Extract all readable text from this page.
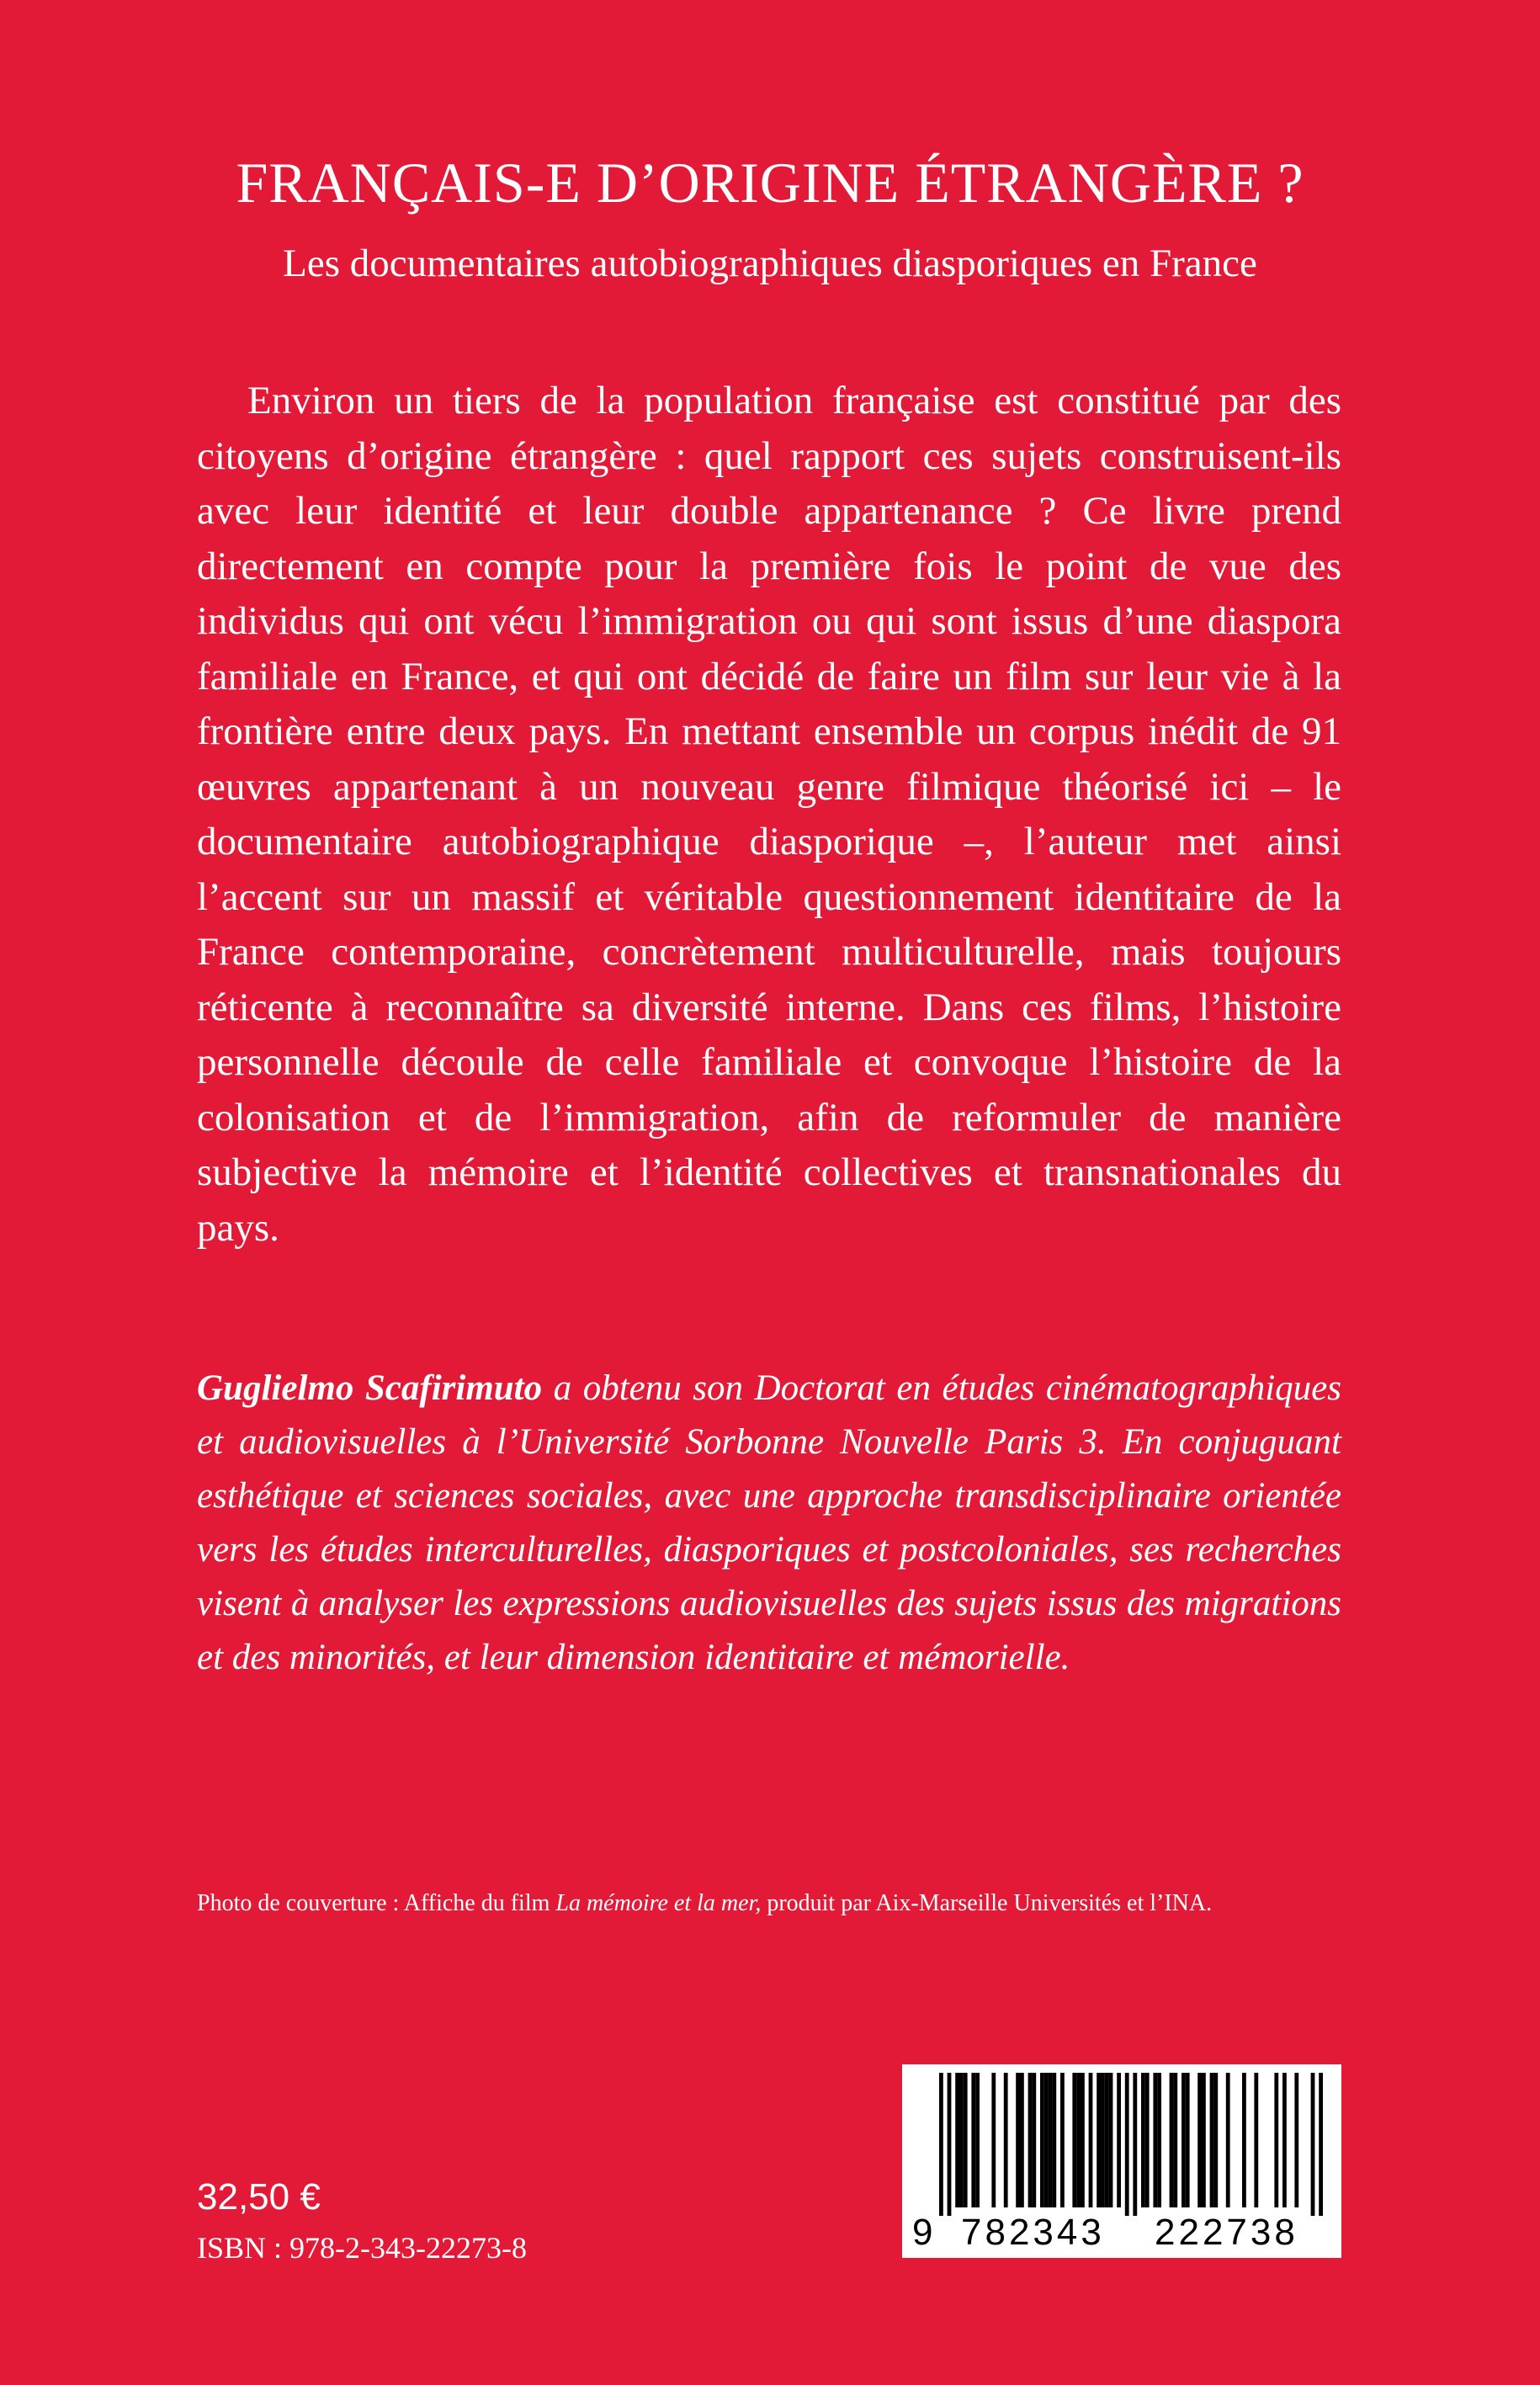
FRANÇAIS-E D’ORIGINE ÉTRANGÈRE ?
Les documentaires autobiographiques diasporiques en France

Environ un tiers de la population française est constitué par des citoyens d’origine étrangère : quel rapport ces sujets construisent-ils avec leur identité et leur double appartenance ? Ce livre prend directement en compte pour la première fois le point de vue des individus qui ont vécu l’immigration ou qui sont issus d’une diaspora familiale en France, et qui ont décidé de faire un film sur leur vie à la frontière entre deux pays. En mettant ensemble un corpus inédit de 91 œuvres appartenant à un nouveau genre filmique théorisé ici – le documentaire autobiographique diasporique –, l’auteur met ainsi l’accent sur un massif et véritable questionnement identitaire de la France contemporaine, concrètement multiculturelle, mais toujours réticente à reconnaître sa diversité interne. Dans ces films, l’histoire personnelle découle de celle familiale et convoque l’histoire de la colonisation et de l’immigration, afin de reformuler de manière subjective la mémoire et l’identité collectives et transnationales du pays.

Guglielmo Scafirimuto a obtenu son Doctorat en études cinématographiques et audiovisuelles à l’Université Sorbonne Nouvelle Paris 3. En conjuguant esthétique et sciences sociales, avec une approche transdisciplinaire orientée vers les études interculturelles, diasporiques et postcoloniales, ses recherches visent à analyser les expressions audiovisuelles des sujets issus des migrations et des minorités, et leur dimension identitaire et mémorielle.

Photo de couverture : Affiche du film La mémoire et la mer, produit par Aix-Marseille Universités et l’INA.

32,50 €
ISBN : 978-2-343-22273-8	9 782343 222738
